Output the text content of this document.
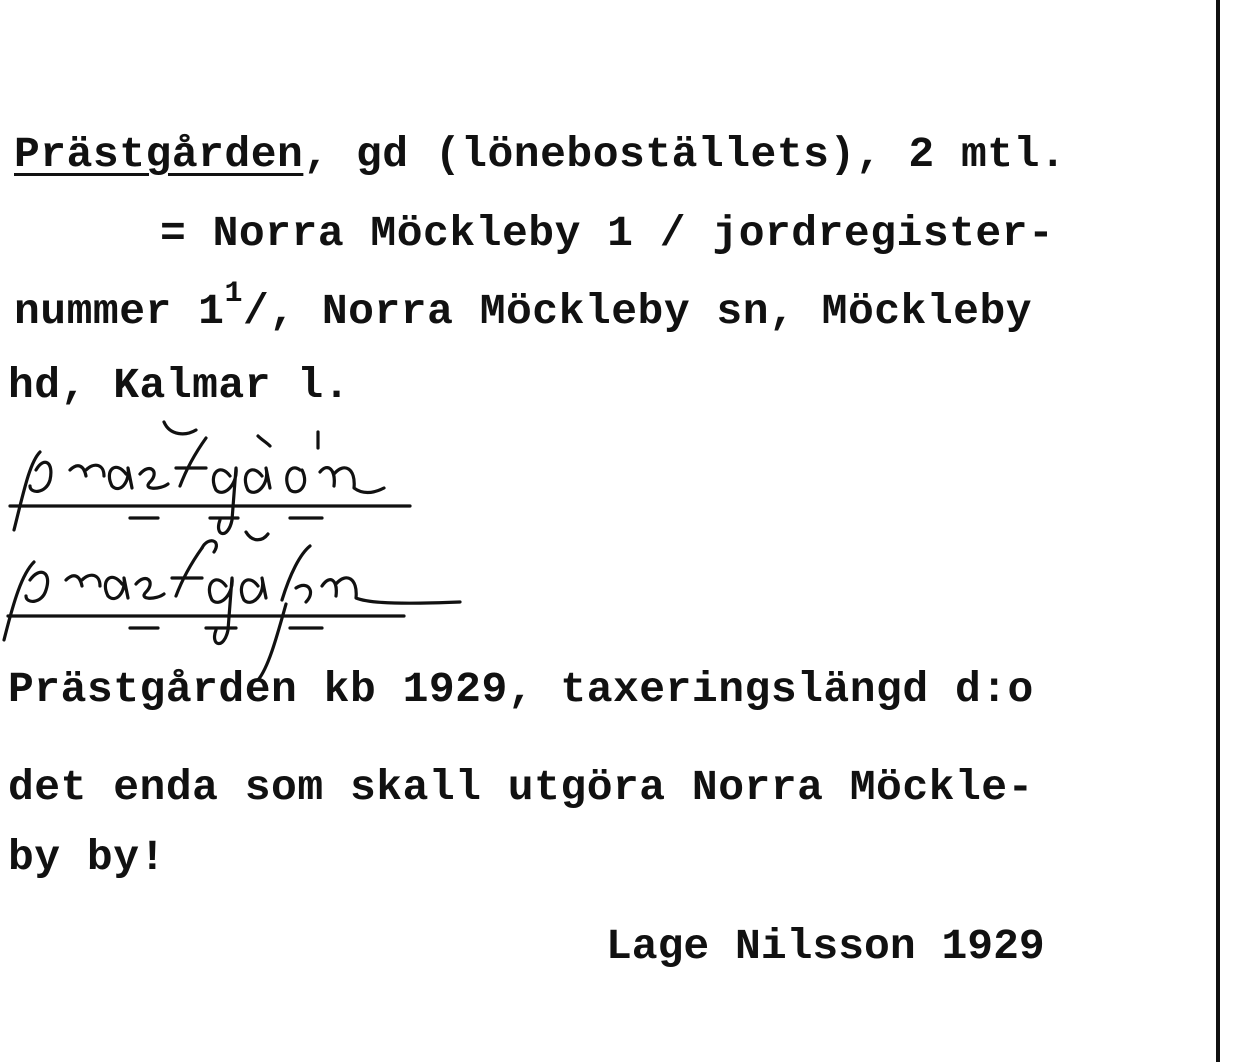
Prästgården, gd (löneboställets), 2 mtl.
= Norra Möckleby 1 / jordregister-
nummer $1^1/$, Norra Möckleby sn, Möckleby
hd, Kalmar l.
Prästgården kb 1929, taxeringslängd d:o
det enda som skall utgöra Norra Möckle-
by by!
Lage Nilsson 1929
